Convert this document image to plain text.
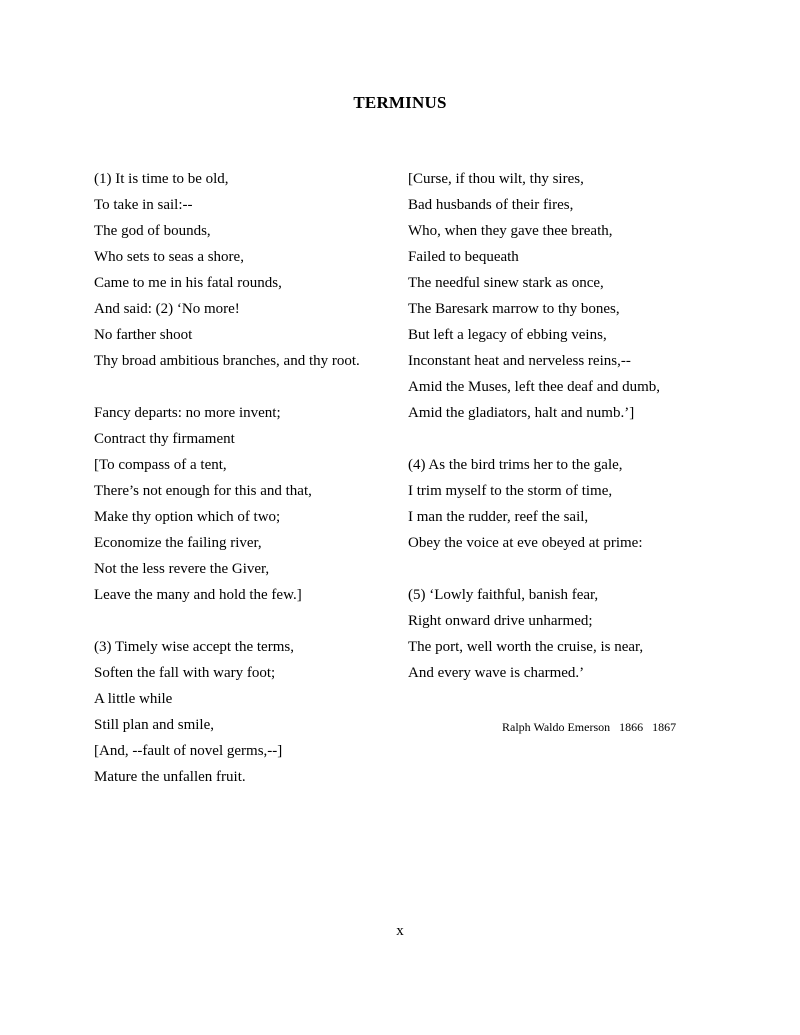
TERMINUS
(1) It is time to be old,
To take in sail:--
The god of bounds,
Who sets to seas a shore,
Came to me in his fatal rounds,
And said: (2) ‘No more!
No farther shoot
Thy broad ambitious branches, and thy root.
Fancy departs: no more invent;
Contract thy firmament
[To compass of a tent,
There’s not enough for this and that,
Make thy option which of two;
Economize the failing river,
Not the less revere the Giver,
Leave the many and hold the few.]
(3) Timely wise accept the terms,
Soften the fall with wary foot;
A little while
Still plan and smile,
[And, --fault of novel germs,--]
Mature the unfallen fruit.
[Curse, if thou wilt, thy sires,
Bad husbands of their fires,
Who, when they gave thee breath,
Failed to bequeath
The needful sinew stark as once,
The Baresark marrow to thy bones,
But left a legacy of ebbing veins,
Inconstant heat and nerveless reins,--
Amid the Muses, left thee deaf and dumb,
Amid the gladiators, halt and numb.’]
(4) As the bird trims her to the gale,
I trim myself to the storm of time,
I man the rudder, reef the sail,
Obey the voice at eve obeyed at prime:
(5) ‘Lowly faithful, banish fear,
Right onward drive unharmed;
The port, well worth the cruise, is near,
And every wave is charmed.’
Ralph Waldo Emerson 1866 1867
x
